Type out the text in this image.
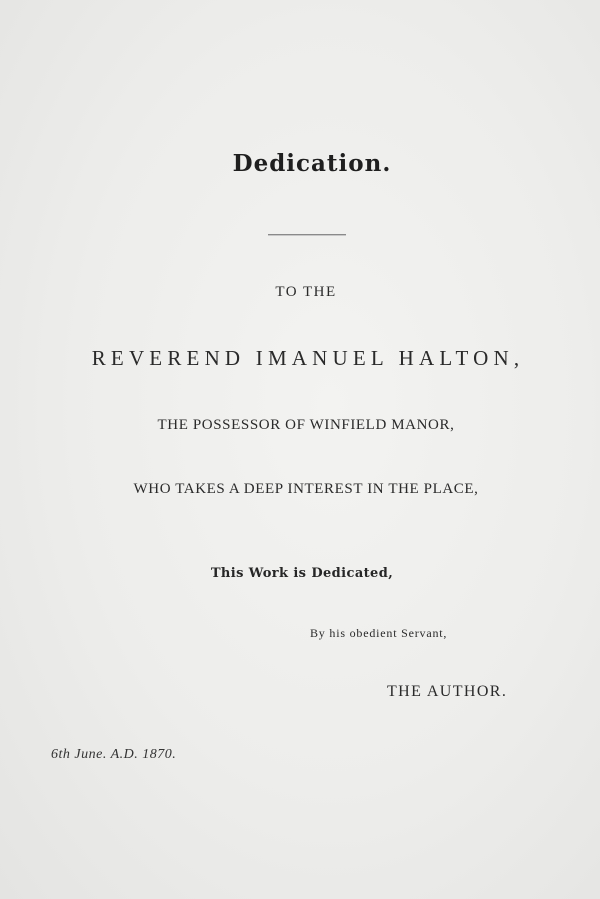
Dedication.
TO THE
REVEREND IMANUEL HALTON,
THE POSSESSOR OF WINFIELD MANOR,
WHO TAKES A DEEP INTEREST IN THE PLACE,
This Work is Dedicated,
By his obedient Servant,
THE AUTHOR.
6th June. A.D. 1870.
